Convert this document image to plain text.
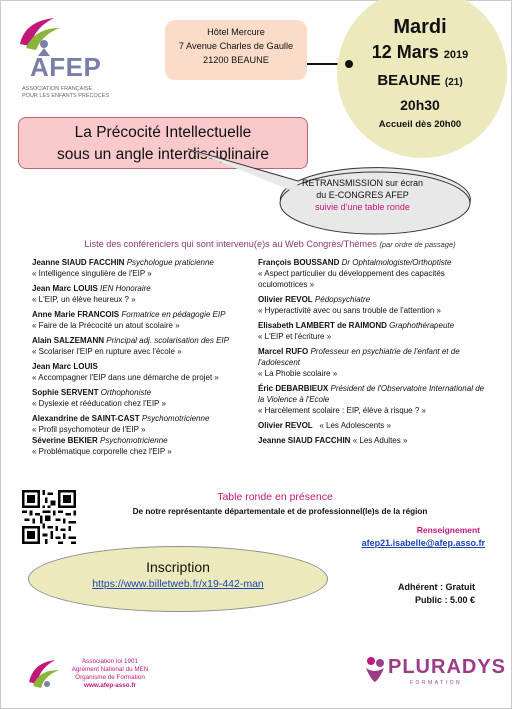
AFEP
ASSOCIATION FRANÇAISE
POUR LES ENFANTS PRÉCOCES
Hôtel Mercure
7 Avenue Charles de Gaulle
21200 BEAUNE
Mardi
12 Mars 2019
BEAUNE (21)
20h30
Accueil dès 20h00
La Précocité Intellectuelle
sous un angle interdisciplinaire
RETRANSMISSION sur écran
du E-CONGRES AFEP
suivie d'une table ronde
Liste des conférenciers qui sont intervenu(e)s au Web Congrès/Thèmes (par ordre de passage)
Jeanne SIAUD FACCHIN Psychologue praticienne
« Intelligence singulière de l'EIP »
Jean Marc LOUIS IEN Honoraire
« L'EIP, un élève heureux ? »
Anne Marie FRANCOIS Formatrice en pédagogie EIP
« Faire de la Précocité un atout scolaire »
Alain SALZEMANN Principal adj. scolarisation des EIP
« Scolariser l'EIP en rupture avec l'école »
Jean Marc LOUIS
« Accompagner l'EIP dans une démarche de projet »
Sophie SERVENT Orthophoniste
« Dyslexie et rééducation chez l'EIP »
Alexandrine de SAINT-CAST Psychomotricienne
« Profil psychomoteur de l'EIP »
Séverine BEKIER Psychomotricienne
« Problématique corporelle chez l'EIP »
François BOUSSAND Dr Ophtalmologiste/Orthoptiste
« Aspect particulier du développement des capacités oculomotrices »
Olivier REVOL Pédopsychiatre
« Hyperactivité avec ou sans trouble de l'attention »
Elisabeth LAMBERT de RAIMOND Graphothérapeute
« L'EIP et l'écriture »
Marcel RUFO Professeur en psychiatrie de l'enfant et de l'adolescent
« La Phobie scolaire »
Éric DEBARBIEUX Président de l'Observatoire International de la Violence à l'Ecole
« Harcèlement scolaire : EIP, élève à risque ? »
Olivier REVOL « Les Adolescents »
Jeanne SIAUD FACCHIN « Les Adultes »
Table ronde en présence
De notre représentante départementale et de professionnel(le)s de la région
Renseignement
afep21.isabelle@afep.asso.fr
Inscription
https://www.billetweb.fr/x19-442-man	Adhérent : Gratuit
Public : 5.00 €
Association loi 1901
Agrément National du MEN
Organisme de Formation
www.afep-asso.fr
PLURADYS
FORMATION
